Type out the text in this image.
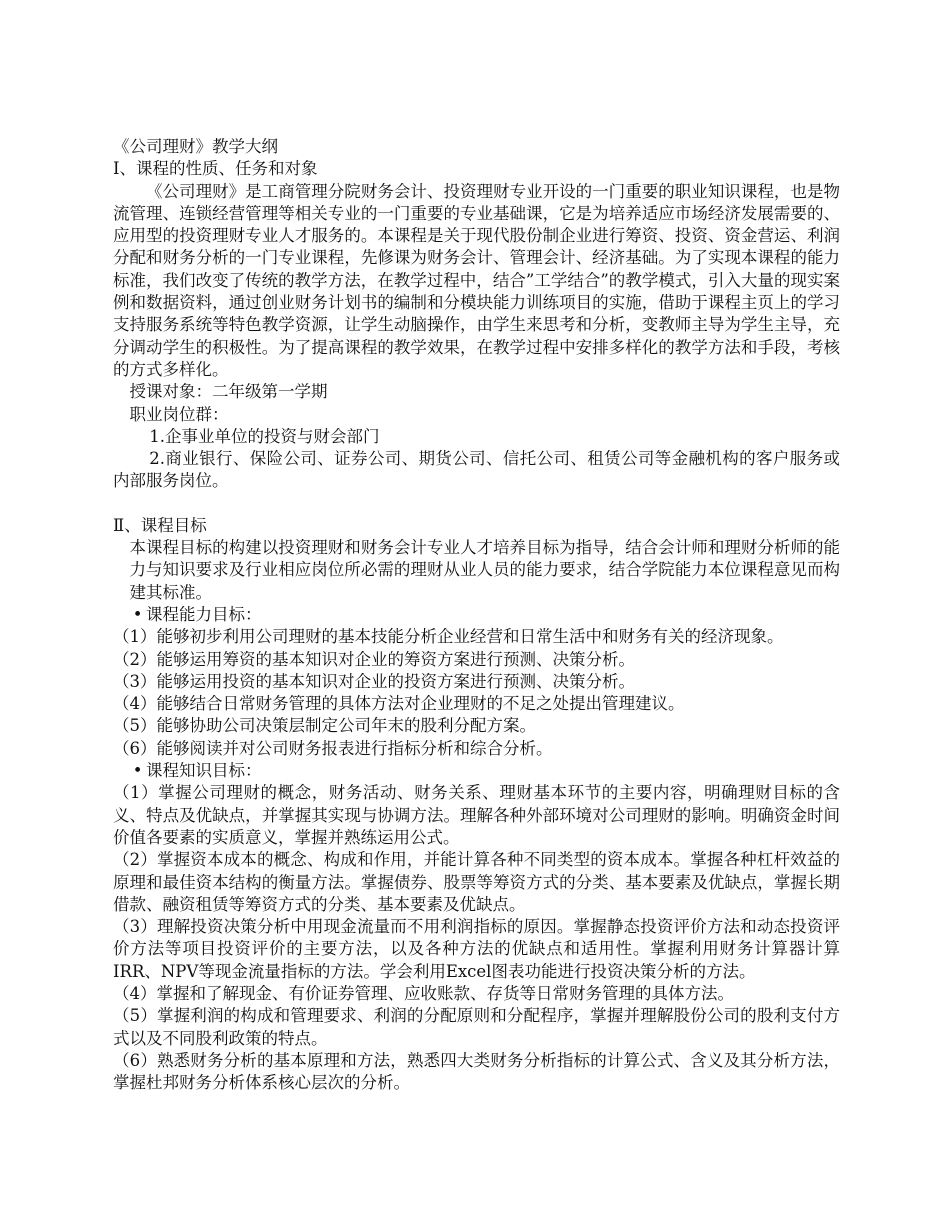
《公司理财》教学大纲

Ⅰ、课程的性质、任务和对象

《公司理财》是工商管理分院财务会计、投资理财专业开设的一门重要的职业知识课程，也是物流管理、连锁经营管理等相关专业的一门重要的专业基础课，它是为培养适应市场经济发展需要的、应用型的投资理财专业人才服务的。本课程是关于现代股份制企业进行筹资、投资、资金营运、利润分配和财务分析的一门专业课程，先修课为财务会计、管理会计、经济基础。为了实现本课程的能力标准，我们改变了传统的教学方法，在教学过程中，结合”工学结合”的教学模式，引入大量的现实案例和数据资料，通过创业财务计划书的编制和分模块能力训练项目的实施，借助于课程主页上的学习支持服务系统等特色教学资源，让学生动脑操作，由学生来思考和分析，变教师主导为学生主导，充分调动学生的积极性。为了提高课程的教学效果，在教学过程中安排多样化的教学方法和手段，考核的方式多样化。

授课对象：二年级第一学期

职业岗位群：

1.企事业单位的投资与财会部门

2.商业银行、保险公司、证券公司、期货公司、信托公司、租赁公司等金融机构的客户服务或内部服务岗位。

Ⅱ、课程目标

本课程目标的构建以投资理财和财务会计专业人才培养目标为指导，结合会计师和理财分析师的能力与知识要求及行业相应岗位所必需的理财从业人员的能力要求，结合学院能力本位课程意见而构建其标准。

• 课程能力目标：

（1）能够初步利用公司理财的基本技能分析企业经营和日常生活中和财务有关的经济现象。

（2）能够运用筹资的基本知识对企业的筹资方案进行预测、决策分析。

（3）能够运用投资的基本知识对企业的投资方案进行预测、决策分析。

（4）能够结合日常财务管理的具体方法对企业理财的不足之处提出管理建议。

（5）能够协助公司决策层制定公司年末的股利分配方案。

（6）能够阅读并对公司财务报表进行指标分析和综合分析。

• 课程知识目标：

（1）掌握公司理财的概念，财务活动、财务关系、理财基本环节的主要内容，明确理财目标的含义、特点及优缺点，并掌握其实现与协调方法。理解各种外部环境对公司理财的影响。明确资金时间价值各要素的实质意义，掌握并熟练运用公式。

（2）掌握资本成本的概念、构成和作用，并能计算各种不同类型的资本成本。掌握各种杠杆效益的原理和最佳资本结构的衡量方法。掌握债券、股票等筹资方式的分类、基本要素及优缺点，掌握长期借款、融资租赁等筹资方式的分类、基本要素及优缺点。

（3）理解投资决策分析中用现金流量而不用利润指标的原因。掌握静态投资评价方法和动态投资评价方法等项目投资评价的主要方法，以及各种方法的优缺点和适用性。掌握利用财务计算器计算IRR、NPV等现金流量指标的方法。学会利用Excel图表功能进行投资决策分析的方法。

（4）掌握和了解现金、有价证券管理、应收账款、存货等日常财务管理的具体方法。

（5）掌握利润的构成和管理要求、利润的分配原则和分配程序，掌握并理解股份公司的股利支付方式以及不同股利政策的特点。

（6）熟悉财务分析的基本原理和方法，熟悉四大类财务分析指标的计算公式、含义及其分析方法，掌握杜邦财务分析体系核心层次的分析。
